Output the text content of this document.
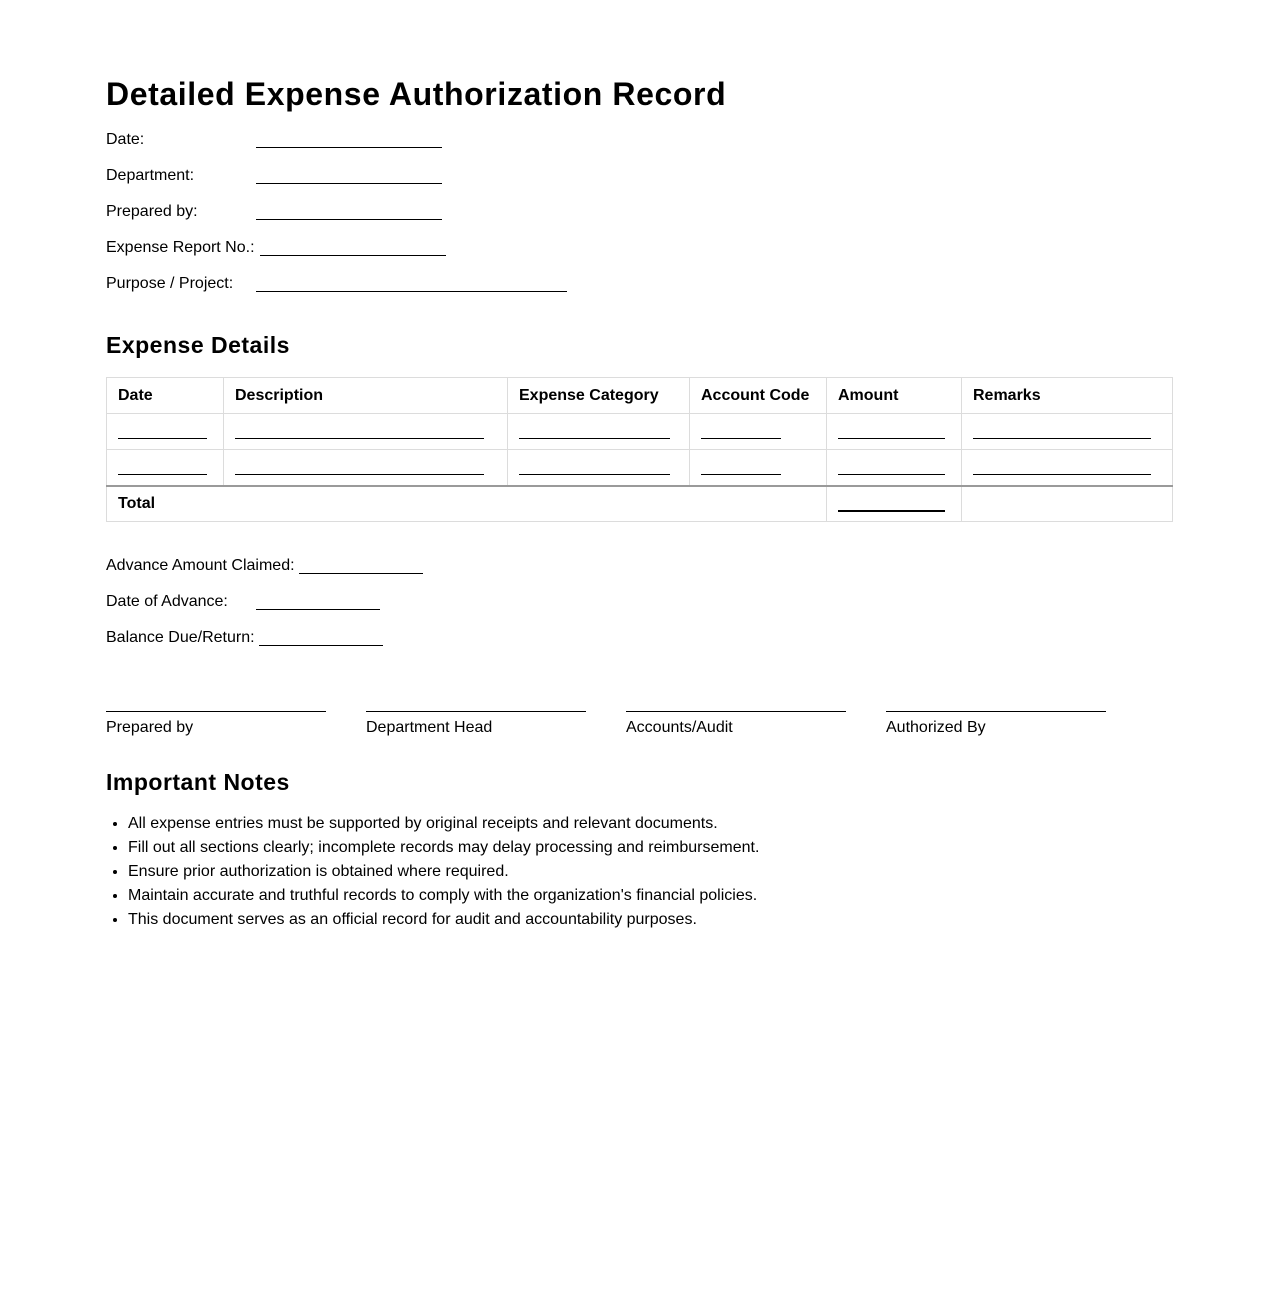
Detailed Expense Authorization Record
Date:
Department:
Prepared by:
Expense Report No.:
Purpose / Project:
Expense Details
Date	Description	Expense Category	Account Code	Amount	Remarks

Total				

Advance Amount Claimed:
Date of Advance:
Balance Due/Return:
Prepared by	Department Head	Accounts/Audit	Authorized By
Important Notes
• All expense entries must be supported by original receipts and relevant documents.
• Fill out all sections clearly; incomplete records may delay processing and reimbursement.
• Ensure prior authorization is obtained where required.
• Maintain accurate and truthful records to comply with the organization's financial policies.
• This document serves as an official record for audit and accountability purposes.
